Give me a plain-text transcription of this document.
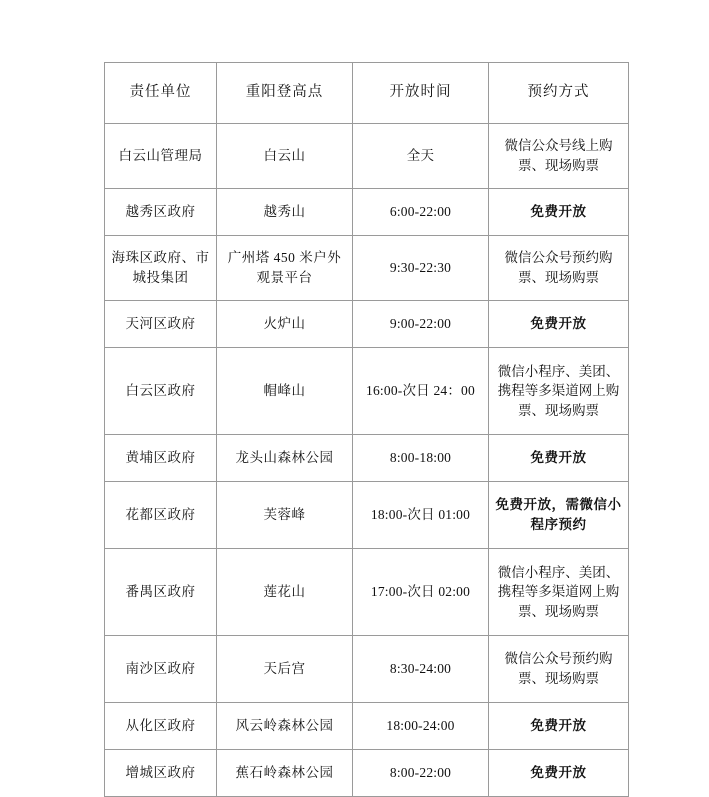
责任单位	重阳登高点	开放时间	预约方式
白云山管理局	白云山	全天	微信公众号线上购票、现场购票
越秀区政府	越秀山	6:00-22:00	免费开放
海珠区政府、市城投集团	广州塔 450 米户外观景平台	9:30-22:30	微信公众号预约购票、现场购票
天河区政府	火炉山	9:00-22:00	免费开放
白云区政府	帽峰山	16:00-次日 24：00	微信小程序、美团、携程等多渠道网上购票、现场购票
黄埔区政府	龙头山森林公园	8:00-18:00	免费开放
花都区政府	芙蓉峰	18:00-次日 01:00	免费开放，需微信小程序预约
番禺区政府	莲花山	17:00-次日 02:00	微信小程序、美团、携程等多渠道网上购票、现场购票
南沙区政府	天后宫	8:30-24:00	微信公众号预约购票、现场购票
从化区政府	风云岭森林公园	18:00-24:00	免费开放
增城区政府	蕉石岭森林公园	8:00-22:00	免费开放
